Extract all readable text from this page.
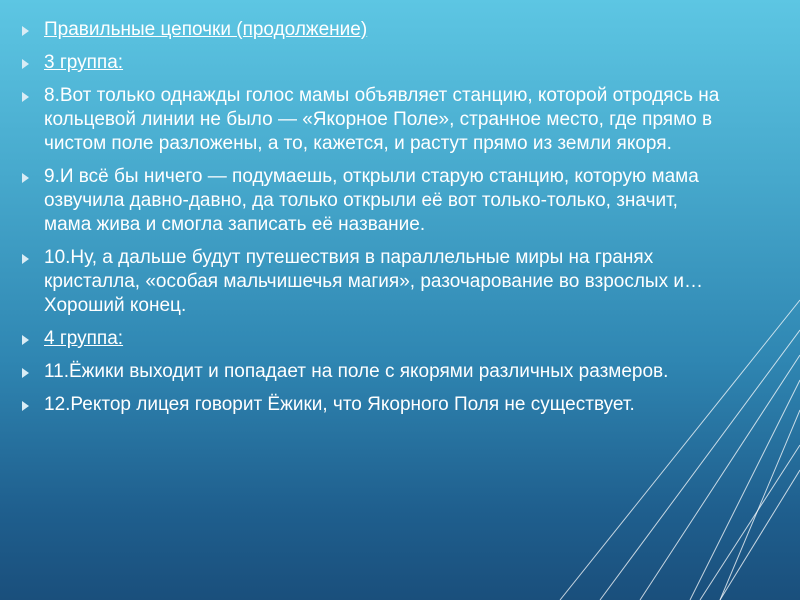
Правильные цепочки (продолжение)
3 группа:
8.Вот только однажды голос мамы объявляет станцию, которой отродясь на кольцевой линии не было — «Якорное Поле», странное место, где прямо в чистом поле разложены, а то, кажется, и растут прямо из земли якоря.
9.И всё бы ничего — подумаешь, открыли старую станцию, которую мама озвучила давно-давно, да только открыли её вот только-только, значит, мама жива и смогла записать её название.
10.Ну, а дальше будут путешествия в параллельные миры на гранях кристалла, «особая мальчишечья магия», разочарование во взрослых и… Хороший конец.
4 группа:
11.Ёжики выходит и попадает на поле с якорями различных размеров.
12.Ректор лицея говорит Ёжики, что Якорного Поля не существует.
